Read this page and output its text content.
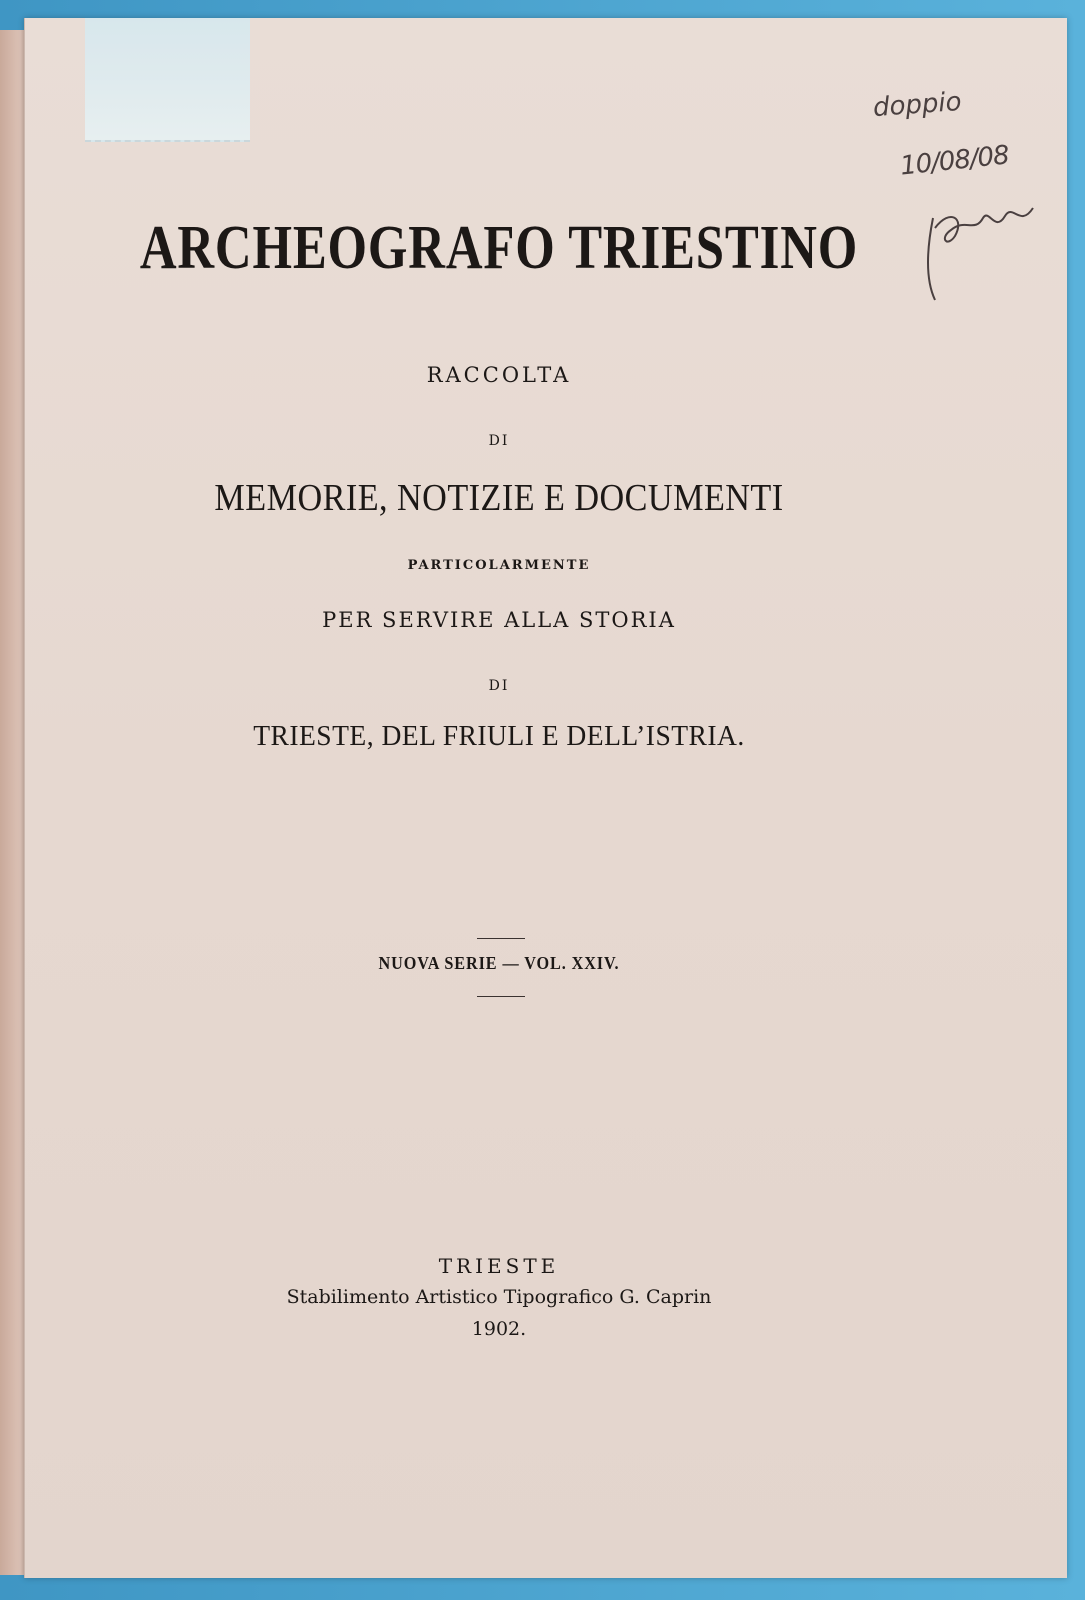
ARCHEOGRAFO TRIESTINO
RACCOLTA
DI
MEMORIE, NOTIZIE E DOCUMENTI
PARTICOLARMENTE
PER SERVIRE ALLA STORIA
DI
TRIESTE, DEL FRIULI E DELL’ISTRIA.
NUOVA SERIE — VOL. XXIV.
TRIESTE
Stabilimento Artistico Tipografico G. Caprin
1902.
doppio
10/08/08
